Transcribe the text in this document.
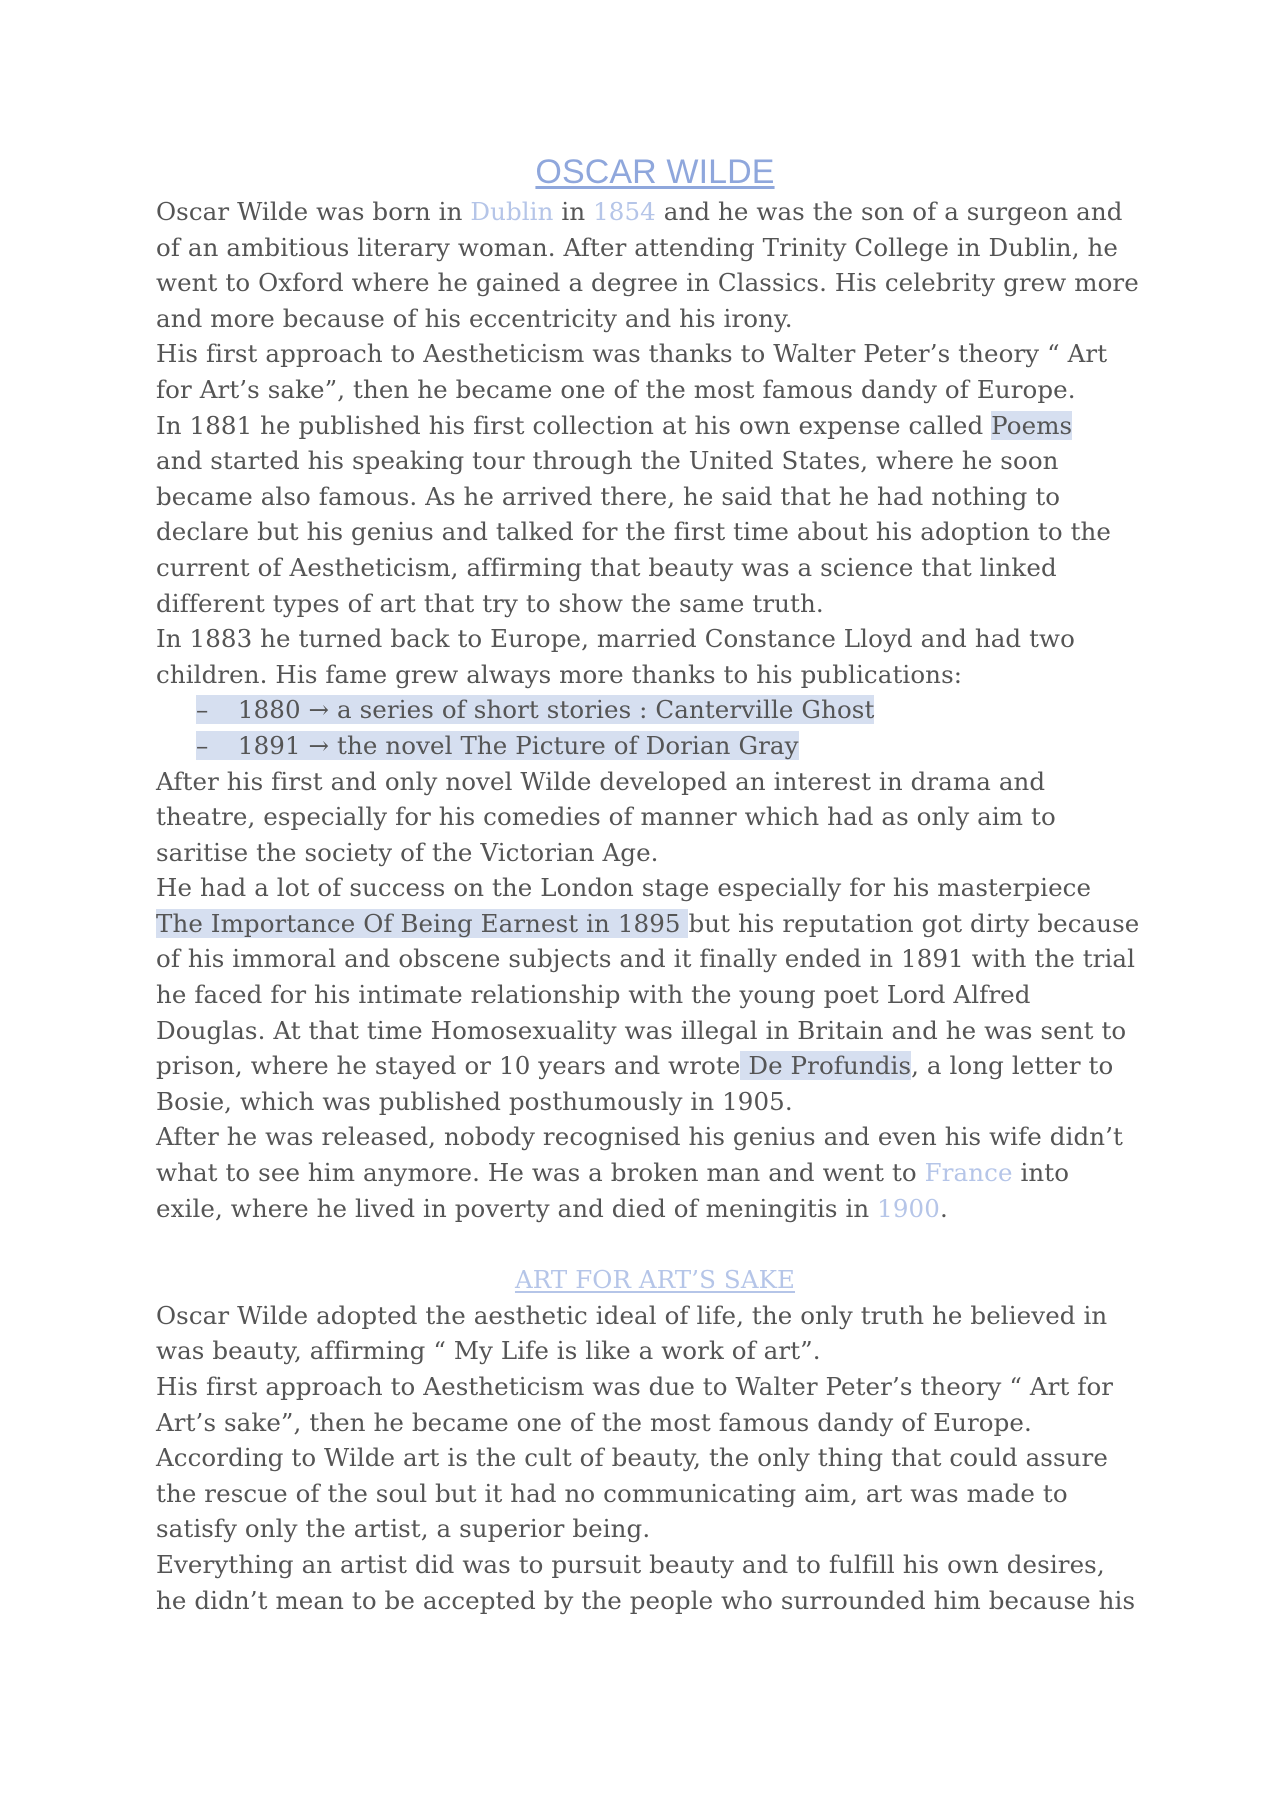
OSCAR WILDE
Oscar Wilde was born in Dublin in 1854 and he was the son of a surgeon and
of an ambitious literary woman. After attending Trinity College in Dublin, he
went to Oxford where he gained a degree in Classics. His celebrity grew more
and more because of his eccentricity and his irony.
His first approach to Aestheticism was thanks to Walter Peter’s theory “ Art
for Art’s sake”, then he became one of the most famous dandy of Europe.
In 1881 he published his first collection at his own expense called Poems
and started his speaking tour through the United States, where he soon
became also famous. As he arrived there, he said that he had nothing to
declare but his genius and talked for the first time about his adoption to the
current of Aestheticism, affirming that beauty was a science that linked
different types of art that try to show the same truth.
In 1883 he turned back to Europe, married Constance Lloyd and had two
children. His fame grew always more thanks to his publications:
– 1880 → a series of short stories : Canterville Ghost
– 1891 → the novel The Picture of Dorian Gray
After his first and only novel Wilde developed an interest in drama and
theatre, especially for his comedies of manner which had as only aim to
saritise the society of the Victorian Age.
He had a lot of success on the London stage especially for his masterpiece
The Importance Of Being Earnest in 1895 but his reputation got dirty because
of his immoral and obscene subjects and it finally ended in 1891 with the trial
he faced for his intimate relationship with the young poet Lord Alfred
Douglas. At that time Homosexuality was illegal in Britain and he was sent to
prison, where he stayed or 10 years and wrote De Profundis, a long letter to
Bosie, which was published posthumously in 1905.
After he was released, nobody recognised his genius and even his wife didn’t
what to see him anymore. He was a broken man and went to France into
exile, where he lived in poverty and died of meningitis in 1900.
ART FOR ART’S SAKE
Oscar Wilde adopted the aesthetic ideal of life, the only truth he believed in
was beauty, affirming “ My Life is like a work of art”.
His first approach to Aestheticism was due to Walter Peter’s theory “ Art for
Art’s sake”, then he became one of the most famous dandy of Europe.
According to Wilde art is the cult of beauty, the only thing that could assure
the rescue of the soul but it had no communicating aim, art was made to
satisfy only the artist, a superior being.
Everything an artist did was to pursuit beauty and to fulfill his own desires,
he didn’t mean to be accepted by the people who surrounded him because his
